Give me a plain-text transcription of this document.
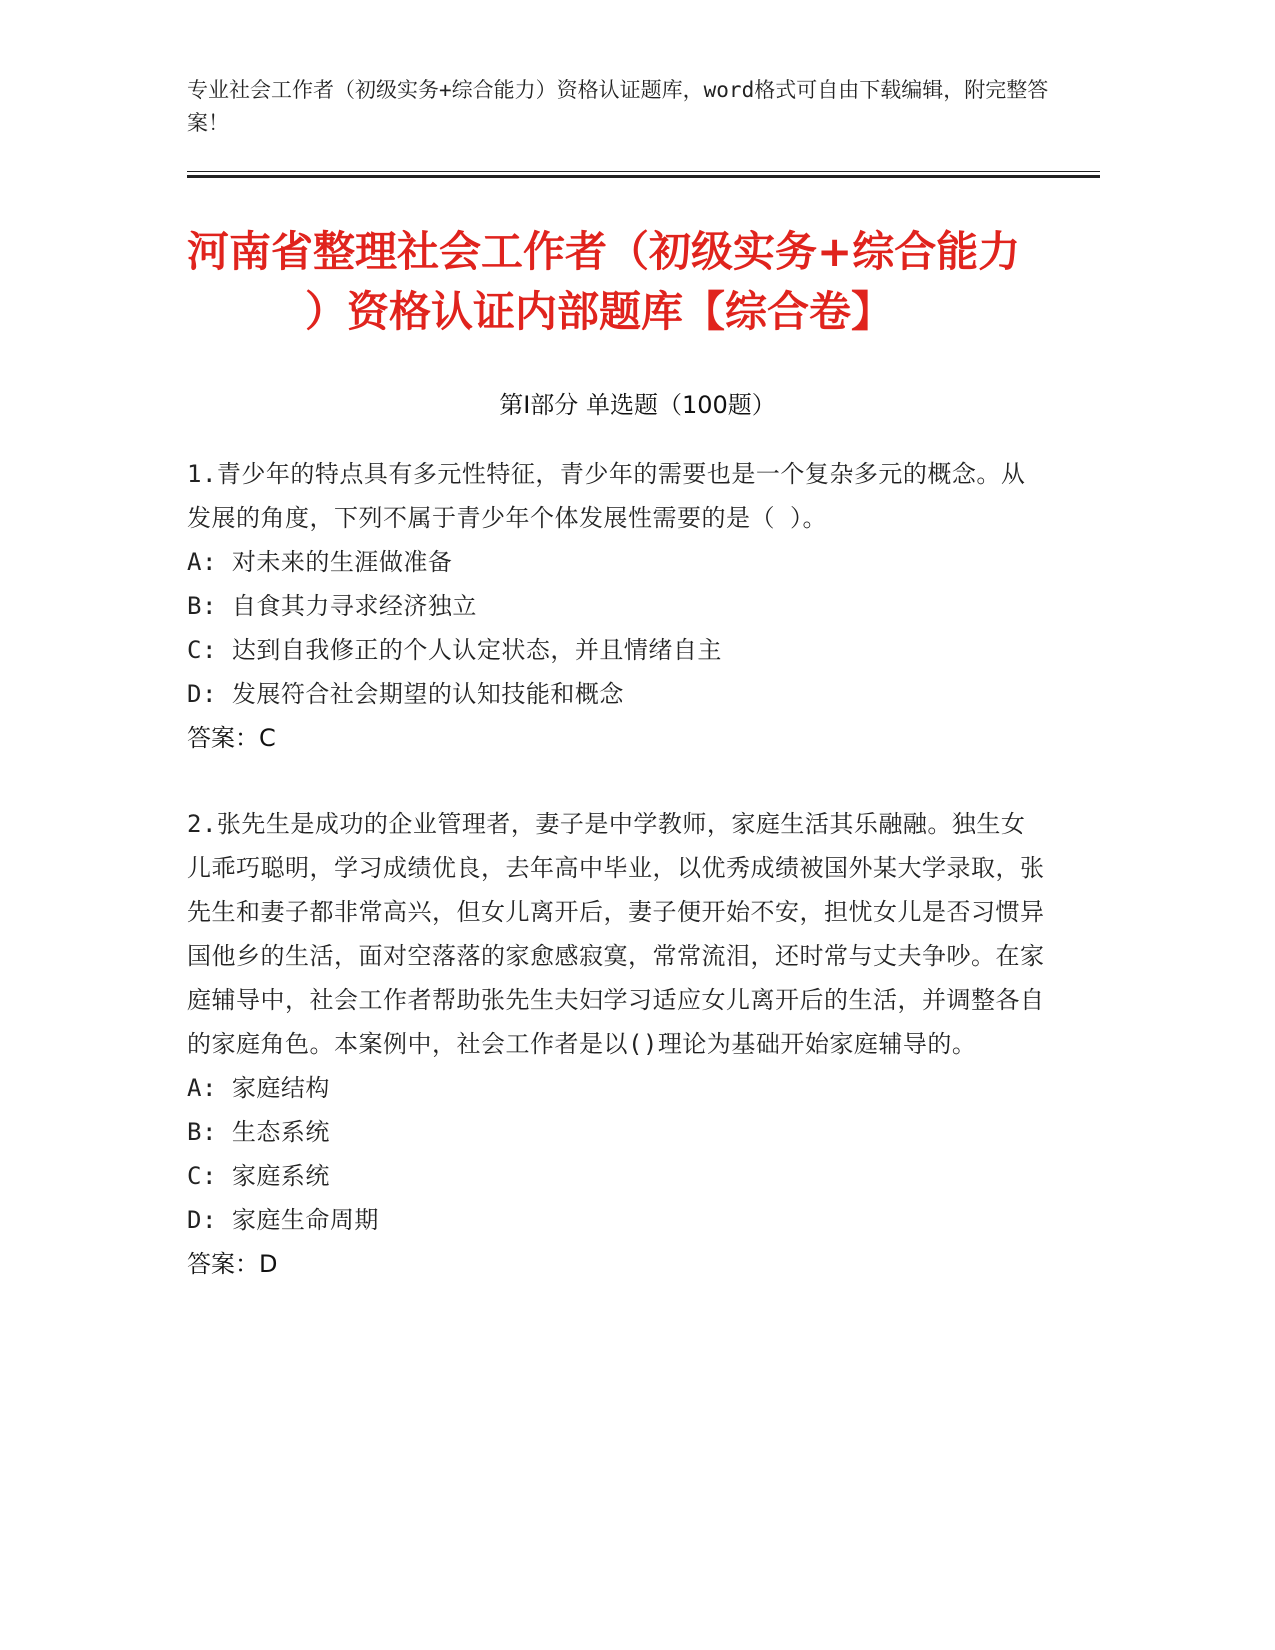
专业社会工作者（初级实务+综合能力）资格认证题库，word格式可自由下载编辑，附完整答案！
河南省整理社会工作者（初级实务+综合能力
）资格认证内部题库【综合卷】
第Ⅰ部分 单选题（100题）

1.青少年的特点具有多元性特征，青少年的需要也是一个复杂多元的概念。从发展的角度，下列不属于青少年个体发展性需要的是（ ）。

A: 对未来的生涯做准备

B: 自食其力寻求经济独立

C: 达到自我修正的个人认定状态，并且情绪自主

D: 发展符合社会期望的认知技能和概念

答案：C

2.张先生是成功的企业管理者，妻子是中学教师，家庭生活其乐融融。独生女儿乖巧聪明，学习成绩优良，去年高中毕业，以优秀成绩被国外某大学录取，张先生和妻子都非常高兴，但女儿离开后，妻子便开始不安，担忧女儿是否习惯异国他乡的生活，面对空落落的家愈感寂寞，常常流泪，还时常与丈夫争吵。在家庭辅导中，社会工作者帮助张先生夫妇学习适应女儿离开后的生活，并调整各自的家庭角色。本案例中，社会工作者是以()理论为基础开始家庭辅导的。

A: 家庭结构

B: 生态系统

C: 家庭系统

D: 家庭生命周期

答案：D
